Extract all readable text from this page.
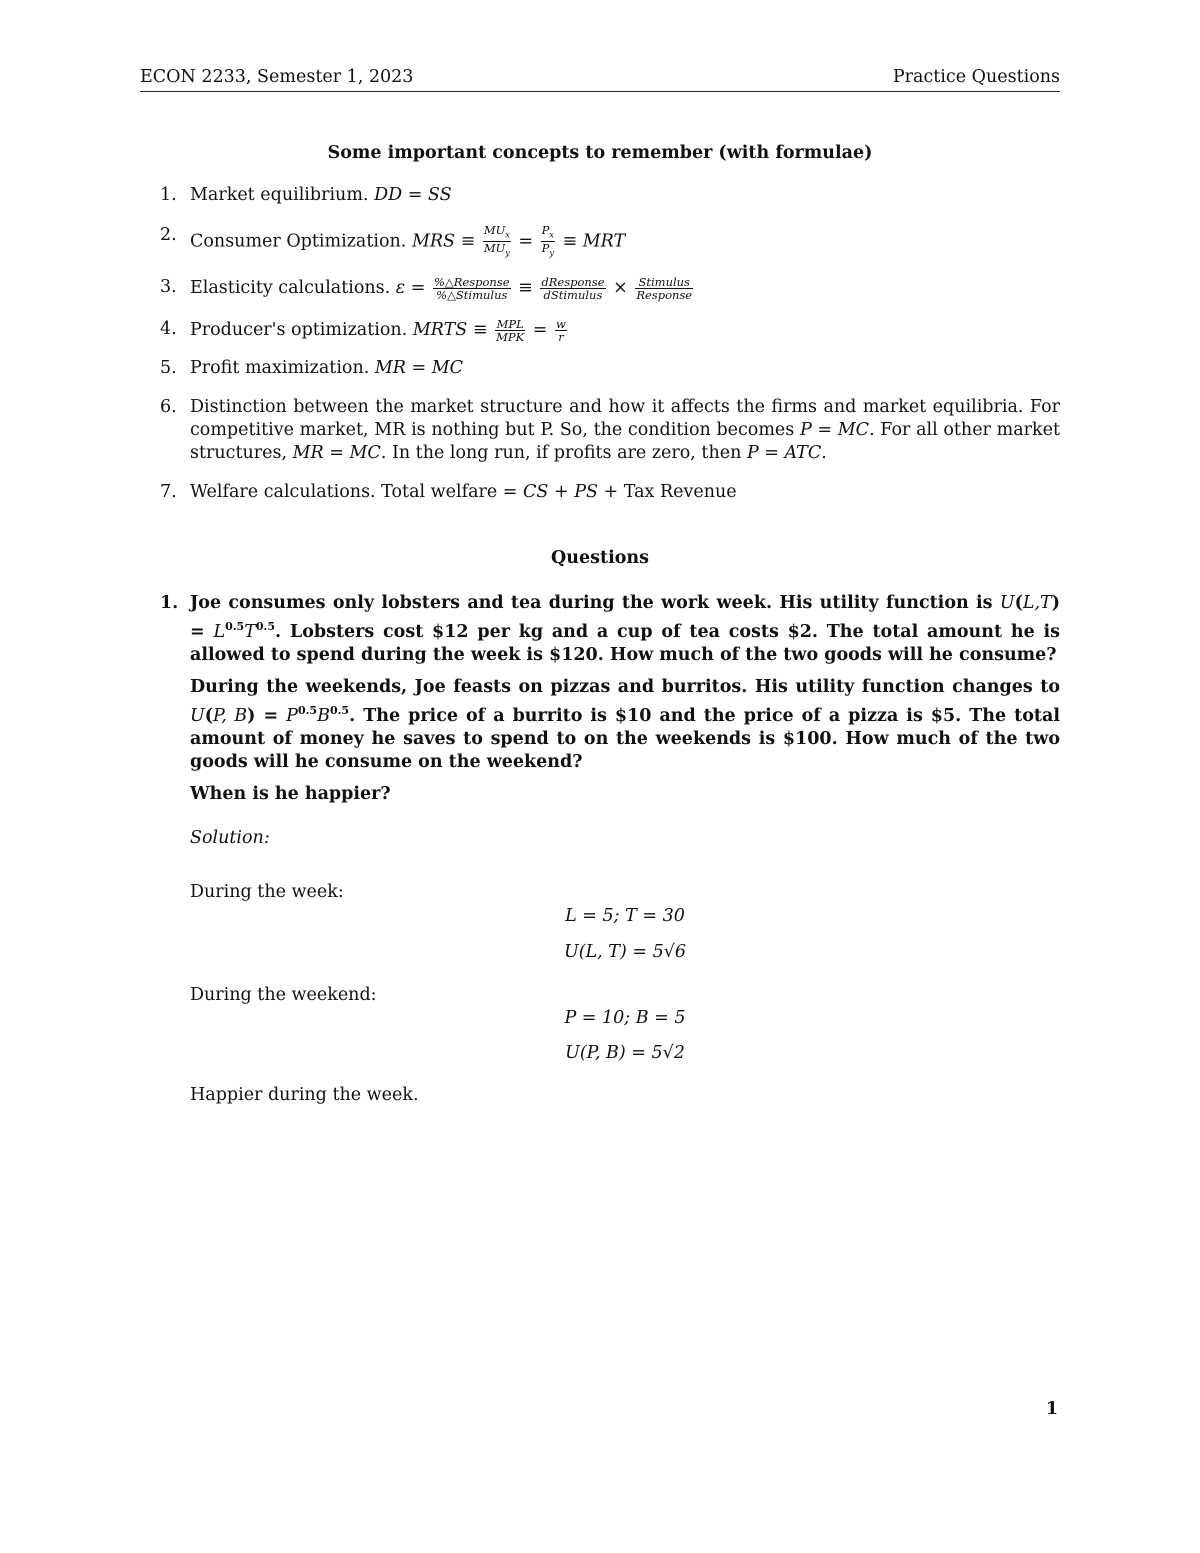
ECON 2233, Semester 1, 2023	Practice Questions
Some important concepts to remember (with formulae)
1. Market equilibrium. DD = SS
2. Consumer Optimization. MRS ≡ $\frac{MU_x}{MU_y} = \frac{P_x}{P_y}$ ≡ MRT
3. Elasticity calculations. $\varepsilon = \frac{\text{\%△Response}}{\text{\%△Stimulus}} \equiv \frac{\text{dResponse}}{\text{dStimulus}} \times \frac{\text{Stimulus}}{\text{Response}}$
4. Producer's optimization. MRTS ≡ $\frac{\text{MPL}}{\text{MPK}} = \frac{w}{r}$
5. Profit maximization. MR = MC
6. Distinction between the market structure and how it affects the firms and market equilibria. For competitive market, MR is nothing but P. So, the condition becomes P = MC. For all other market structures, MR = MC. In the long run, if profits are zero, then P = ATC.
7. Welfare calculations. Total welfare = CS + PS + Tax Revenue
Questions
1. Joe consumes only lobsters and tea during the work week. His utility function is $U(L,T) = L^{0.5}T^{0.5}$. Lobsters cost $12 per kg and a cup of tea costs $2. The total amount he is allowed to spend during the week is $120. How much of the two goods will he consume?

During the weekends, Joe feasts on pizzas and burritos. His utility function changes to U(P, $B) = P^{0.5}B^{0.5}$. The price of a burrito is $10 and the price of a pizza is $5. The total amount of money he saves to spend to on the weekends is $100. How much of the two goods will he consume on the weekend?

When is he happier?

Solution:
During the week:
L = 5; T = 30
U(L, T) = 5√6
During the weekend:
P = 10; B = 5
U(P, B) = 5√2
Happier during the week.
1
